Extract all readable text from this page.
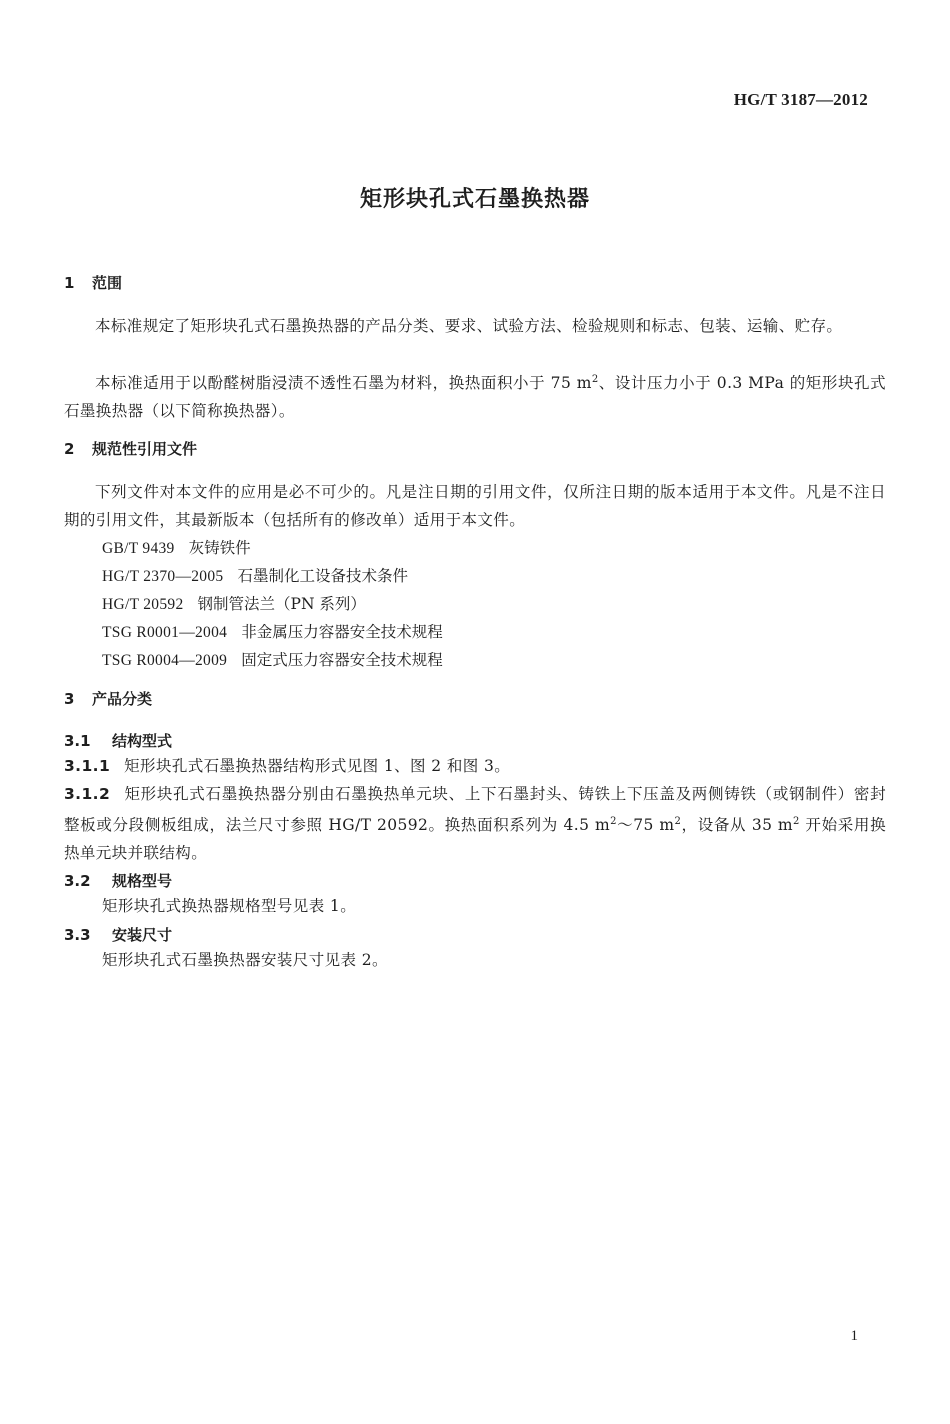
HG/T 3187—2012
矩形块孔式石墨换热器
1 范围
本标准规定了矩形块孔式石墨换热器的产品分类、要求、试验方法、检验规则和标志、包装、运输、贮存。
本标准适用于以酚醛树脂浸渍不透性石墨为材料，换热面积小于 75 $m^2$、设计压力小于 0.3 MPa 的矩形块孔式石墨换热器（以下简称换热器）。
2 规范性引用文件
下列文件对本文件的应用是必不可少的。凡是注日期的引用文件，仅所注日期的版本适用于本文件。凡是不注日期的引用文件，其最新版本（包括所有的修改单）适用于本文件。
GB/T 9439 灰铸铁件
HG/T 2370—2005 石墨制化工设备技术条件
HG/T 20592 钢制管法兰（PN 系列）
TSG R0001—2004 非金属压力容器安全技术规程
TSG R0004—2009 固定式压力容器安全技术规程
3 产品分类
3.1 结构型式
3.1.1 矩形块孔式石墨换热器结构形式见图 1、图 2 和图 3。
3.1.2 矩形块孔式石墨换热器分别由石墨换热单元块、上下石墨封头、铸铁上下压盖及两侧铸铁（或钢制件）密封整板或分段侧板组成，法兰尺寸参照 HG/T 20592。换热面积系列为 4.5 $m^2\sim 75$ $m^2$，设备从 35 $m^2$ 开始采用换热单元块并联结构。
3.2 规格型号
矩形块孔式换热器规格型号见表 1。
3.3 安装尺寸
矩形块孔式石墨换热器安装尺寸见表 2。
1
